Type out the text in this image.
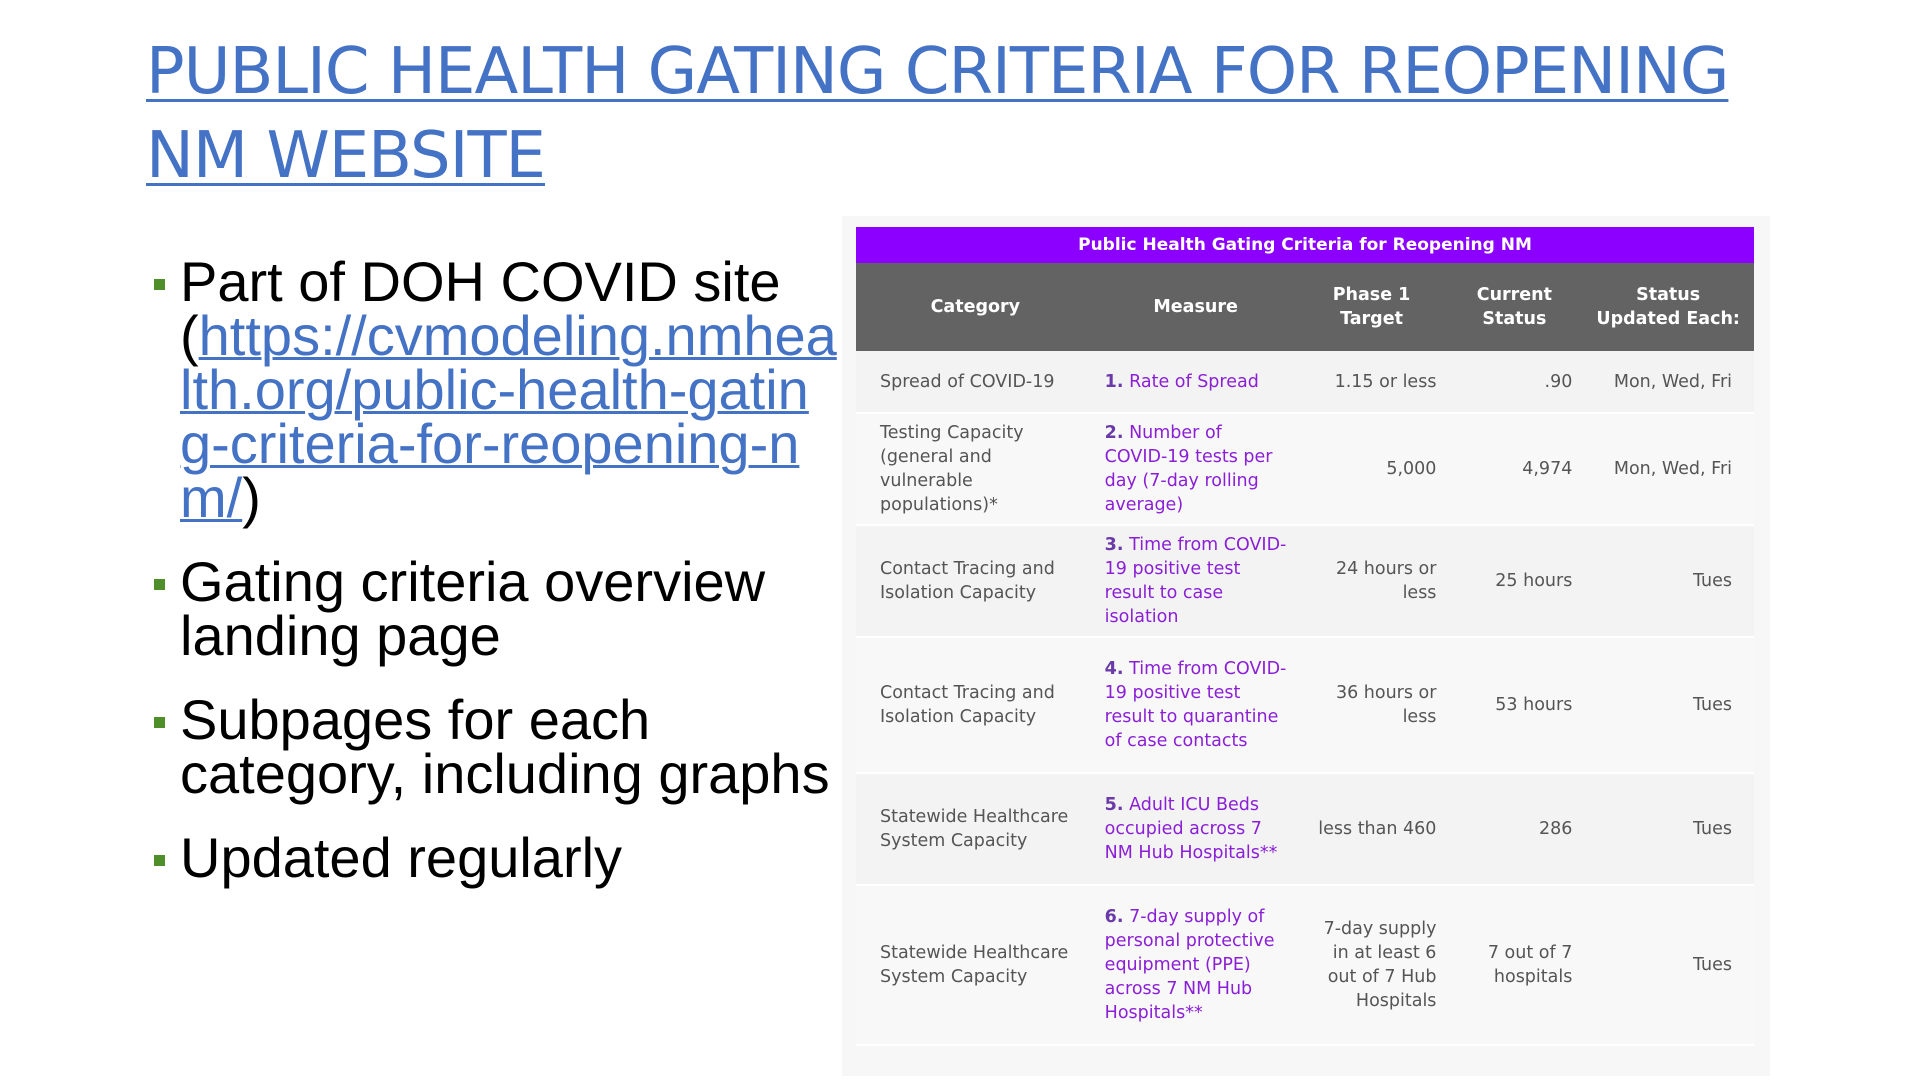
PUBLIC HEALTH GATING CRITERIA FOR REOPENING NM WEBSITE
Part of DOH COVID site (https://cvmodeling.nmhealth.org/public-health-gating-criteria-for-reopening-nm/)
Gating criteria overview landing page
Subpages for each category, including graphs
Updated regularly
Public Health Gating Criteria for Reopening NM
Category	Measure	Phase 1 Target	Current Status	Status Updated Each:
Spread of COVID-19	1. Rate of Spread	1.15 or less	.90	Mon, Wed, Fri
Testing Capacity (general and vulnerable populations)*	2. Number of COVID-19 tests per day (7-day rolling average)	5,000	4,974	Mon, Wed, Fri
Contact Tracing and Isolation Capacity	3. Time from COVID-19 positive test result to case isolation	24 hours or less	25 hours	Tues
Contact Tracing and Isolation Capacity	4. Time from COVID-19 positive test result to quarantine of case contacts	36 hours or less	53 hours	Tues
Statewide Healthcare System Capacity	5. Adult ICU Beds occupied across 7 NM Hub Hospitals**	less than 460	286	Tues
Statewide Healthcare System Capacity	6. 7-day supply of personal protective equipment (PPE) across 7 NM Hub Hospitals**	7-day supply in at least 6 out of 7 Hub Hospitals	7 out of 7 hospitals	Tues
